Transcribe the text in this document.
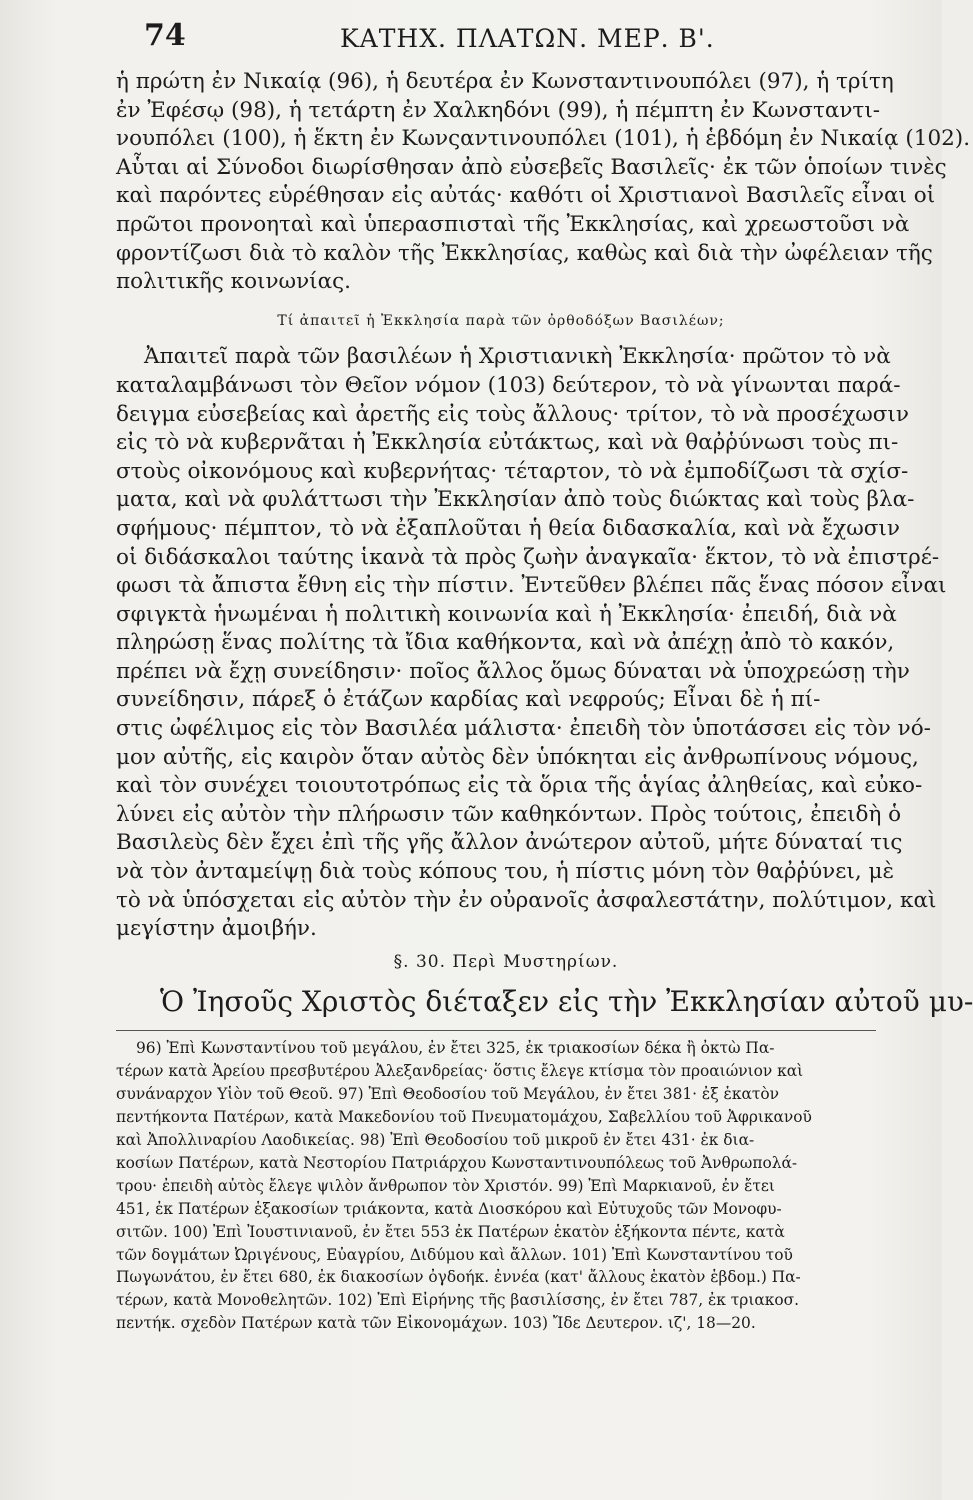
74	ΚΑΤΗΧ. ΠΛΑΤΩΝ. ΜΕΡ. Β'.
ἡ πρώτη ἐν Νικαίᾳ (96), ἡ δευτέρα ἐν Κωνσταντινουπόλει (97), ἡ τρίτη
ἐν Ἐφέσῳ (98), ἡ τετάρτη ἐν Χαλκηδόνι (99), ἡ πέμπτη ἐν Κωνσταντι-
νουπόλει (100), ἡ ἕκτη ἐν Κωνςαντινουπόλει (101), ἡ ἑβδόμη ἐν Νικαίᾳ (102).
Αὗται αἱ Σύνοδοι διωρίσθησαν ἀπὸ εὐσεβεῖς Βασιλεῖς· ἐκ τῶν ὁποίων τινὲς
καὶ παρόντες εὑρέθησαν εἰς αὐτάς· καθότι οἱ Χριστιανοὶ Βασιλεῖς εἶναι οἱ
πρῶτοι προνοηταὶ καὶ ὑπερασπισταὶ τῆς Ἐκκλησίας, καὶ χρεωστοῦσι νὰ
φροντίζωσι διὰ τὸ καλὸν τῆς Ἐκκλησίας, καθὼς καὶ διὰ τὴν ὠφέλειαν τῆς
πολιτικῆς κοινωνίας.
Τί ἀπαιτεῖ ἡ Ἐκκλησία παρὰ τῶν ὀρθοδόξων Βασιλέων;
Ἀπαιτεῖ παρὰ τῶν βασιλέων ἡ Χριστιανικὴ Ἐκκλησία· πρῶτον τὸ νὰ
καταλαμβάνωσι τὸν Θεῖον νόμον (103) δεύτερον, τὸ νὰ γίνωνται παρά-
δειγμα εὐσεβείας καὶ ἀρετῆς εἰς τοὺς ἄλλους· τρίτον, τὸ νὰ προσέχωσιν
εἰς τὸ νὰ κυβερνᾶται ἡ Ἐκκλησία εὐτάκτως, καὶ νὰ θαῤῥύνωσι τοὺς πι-
στοὺς οἰκονόμους καὶ κυβερνήτας· τέταρτον, τὸ νὰ ἐμποδίζωσι τὰ σχίσ-
ματα, καὶ νὰ φυλάττωσι τὴν Ἐκκλησίαν ἀπὸ τοὺς διώκτας καὶ τοὺς βλα-
σφήμους· πέμπτον, τὸ νὰ ἐξαπλοῦται ἡ θεία διδασκαλία, καὶ νὰ ἔχωσιν
οἱ διδάσκαλοι ταύτης ἱκανὰ τὰ πρὸς ζωὴν ἀναγκαῖα· ἕκτον, τὸ νὰ ἐπιστρέ-
φωσι τὰ ἄπιστα ἔθνη εἰς τὴν πίστιν. Ἐντεῦθεν βλέπει πᾶς ἕνας πόσον εἶναι
σφιγκτὰ ἡνωμέναι ἡ πολιτικὴ κοινωνία καὶ ἡ Ἐκκλησία· ἐπειδή, διὰ νὰ
πληρώσῃ ἕνας πολίτης τὰ ἴδια καθήκοντα, καὶ νὰ ἀπέχῃ ἀπὸ τὸ κακόν,
πρέπει νὰ ἔχῃ συνείδησιν· ποῖος ἄλλος ὅμως δύναται νὰ ὑποχρεώσῃ τὴν
συνείδησιν, πάρεξ ὁ ἐτάζων καρδίας καὶ νεφρούς; Εἶναι δὲ ἡ πί-
στις ὠφέλιμος εἰς τὸν Βασιλέα μάλιστα· ἐπειδὴ τὸν ὑποτάσσει εἰς τὸν νό-
μον αὐτῆς, εἰς καιρὸν ὅταν αὐτὸς δὲν ὑπόκηται εἰς ἀνθρωπίνους νόμους,
καὶ τὸν συνέχει τοιουτοτρόπως εἰς τὰ ὅρια τῆς ἁγίας ἀληθείας, καὶ εὐκο-
λύνει εἰς αὐτὸν τὴν πλήρωσιν τῶν καθηκόντων. Πρὸς τούτοις, ἐπειδὴ ὁ
Βασιλεὺς δὲν ἔχει ἐπὶ τῆς γῆς ἄλλον ἀνώτερον αὐτοῦ, μήτε δύναταί τις
νὰ τὸν ἀνταμείψῃ διὰ τοὺς κόπους του, ἡ πίστις μόνη τὸν θαῤῥύνει, μὲ
τὸ νὰ ὑπόσχεται εἰς αὐτὸν τὴν ἐν οὐρανοῖς ἀσφαλεστάτην, πολύτιμον, καὶ
μεγίστην ἀμοιβήν.
§. 30. Περὶ Μυστηρίων.
Ὁ Ἰησοῦς Χριστὸς διέταξεν εἰς τὴν Ἐκκλησίαν αὐτοῦ μυ-
96) Ἐπὶ Κωνσταντίνου τοῦ μεγάλου, ἐν ἔτει 325, ἐκ τριακοσίων δέκα ἢ ὀκτὼ Πα-
τέρων κατὰ Ἀρείου πρεσβυτέρου Ἀλεξανδρείας· ὅστις ἔλεγε κτίσμα τὸν προαιώνιον καὶ
συνάναρχον Υἱὸν τοῦ Θεοῦ. 97) Ἐπὶ Θεοδοσίου τοῦ Μεγάλου, ἐν ἔτει 381· ἐξ ἑκατὸν
πεντήκοντα Πατέρων, κατὰ Μακεδονίου τοῦ Πνευματομάχου, Σαβελλίου τοῦ Ἀφρικανοῦ
καὶ Ἀπολλιναρίου Λαοδικείας. 98) Ἐπὶ Θεοδοσίου τοῦ μικροῦ ἐν ἔτει 431· ἐκ δια-
κοσίων Πατέρων, κατὰ Νεστορίου Πατριάρχου Κωνσταντινουπόλεως τοῦ Ἀνθρωπολά-
τρου· ἐπειδὴ αὐτὸς ἔλεγε ψιλὸν ἄνθρωπον τὸν Χριστόν. 99) Ἐπὶ Μαρκιανοῦ, ἐν ἔτει
451, ἐκ Πατέρων ἑξακοσίων τριάκοντα, κατὰ Διοσκόρου καὶ Εὐτυχοῦς τῶν Μονοφυ-
σιτῶν. 100) Ἐπὶ Ἰουστινιανοῦ, ἐν ἔτει 553 ἐκ Πατέρων ἑκατὸν ἑξήκοντα πέντε, κατὰ
τῶν δογμάτων Ὠριγένους, Εὐαγρίου, Διδύμου καὶ ἄλλων. 101) Ἐπὶ Κωνσταντίνου τοῦ
Πωγωνάτου, ἐν ἔτει 680, ἐκ διακοσίων ὀγδοήκ. ἐννέα (κατ' ἄλλους ἑκατὸν ἑβδομ.) Πα-
τέρων, κατὰ Μονοθελητῶν. 102) Ἐπὶ Εἰρήνης τῆς βασιλίσσης, ἐν ἔτει 787, ἐκ τριακοσ.
πεντήκ. σχεδὸν Πατέρων κατὰ τῶν Εἰκονομάχων. 103) Ἴδε Δευτερον. ιζ', 18—20.
